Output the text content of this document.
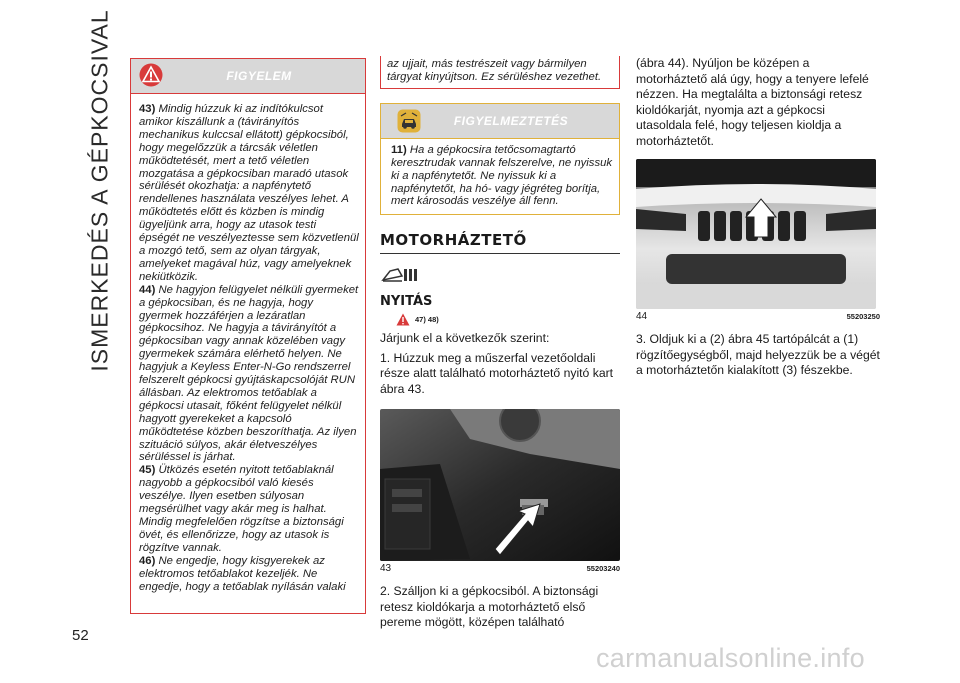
ISMERKEDÉS A GÉPKOCSIVAL	FIGYELEM

43) Mindig húzzuk ki az indítókulcsot amikor kiszállunk a (távirányítós mechanikus kulccsal ellátott) gépkocsiból, hogy megelőzzük a tárcsák véletlen működtetését, mert a tető véletlen mozgatása a gépkocsiban maradó utasok sérülését okozhatja: a napfénytető rendellenes használata veszélyes lehet. A működtetés előtt és közben is mindig ügyeljünk arra, hogy az utasok testi épségét ne veszélyeztesse sem közvetlenül a mozgó tető, sem az olyan tárgyak, amelyeket magával húz, vagy amelyeknek nekiütközik.

44) Ne hagyjon felügyelet nélküli gyermeket a gépkocsiban, és ne hagyja, hogy gyermek hozzáférjen a lezáratlan gépkocsihoz. Ne hagyja a távirányítót a gépkocsiban vagy annak közelében vagy gyermekek számára elérhető helyen. Ne hagyjuk a Keyless Enter-N-Go rendszerrel felszerelt gépkocsi gyújtáskapcsolóját RUN állásban. Az elektromos tetőablak a gépkocsi utasait, főként felügyelet nélkül hagyott gyerekeket a kapcsoló működtetése közben beszoríthatja. Az ilyen szituáció súlyos, akár életveszélyes sérüléssel is járhat.

45) Ütközés esetén nyitott tetőablaknál nagyobb a gépkocsiból való kiesés veszélye. Ilyen esetben súlyosan megsérülhet vagy akár meg is halhat. Mindig megfelelően rögzítse a biztonsági övét, és ellenőrizze, hogy az utasok is rögzítve vannak.

46) Ne engedje, hogy kisgyerekek az elektromos tetőablakot kezeljék. Ne engedje, hogy a tetőablak nyílásán valaki

az ujjait, más testrészeit vagy bármilyen tárgyat kinyújtson. Ez sérüléshez vezethet.
FIGYELMEZTETÉS

11) Ha a gépkocsira tetőcsomagtartó keresztrudak vannak felszerelve, ne nyissuk ki a napfénytetőt. Ne nyissuk ki a napfénytetőt, ha hó- vagy jégréteg borítja, mert károsodás veszélye áll fenn.

MOTORHÁZTETŐ
NYITÁS
47) 48)

Járjunk el a következők szerint:

1. Húzzuk meg a műszerfal vezetőoldali része alatt található motorháztető nyitó kart ábra 43.

43	55203240

2. Szálljon ki a gépkocsiból. A biztonsági retesz kioldókarja a motorháztető első pereme mögött, középen található

(ábra 44). Nyúljon be középen a motorháztető alá úgy, hogy a tenyere lefelé nézzen. Ha megtalálta a biztonsági retesz kioldókarját, nyomja azt a gépkocsi utasoldala felé, hogy teljesen kioldja a motorháztetőt.

44	55203250

3. Oldjuk ki a (2) ábra 45 tartópálcát a (1) rögzítőegységből, majd helyezzük be a végét a motorháztetőn kialakított (3) fészekbe.

52
carmanualsonline.info
